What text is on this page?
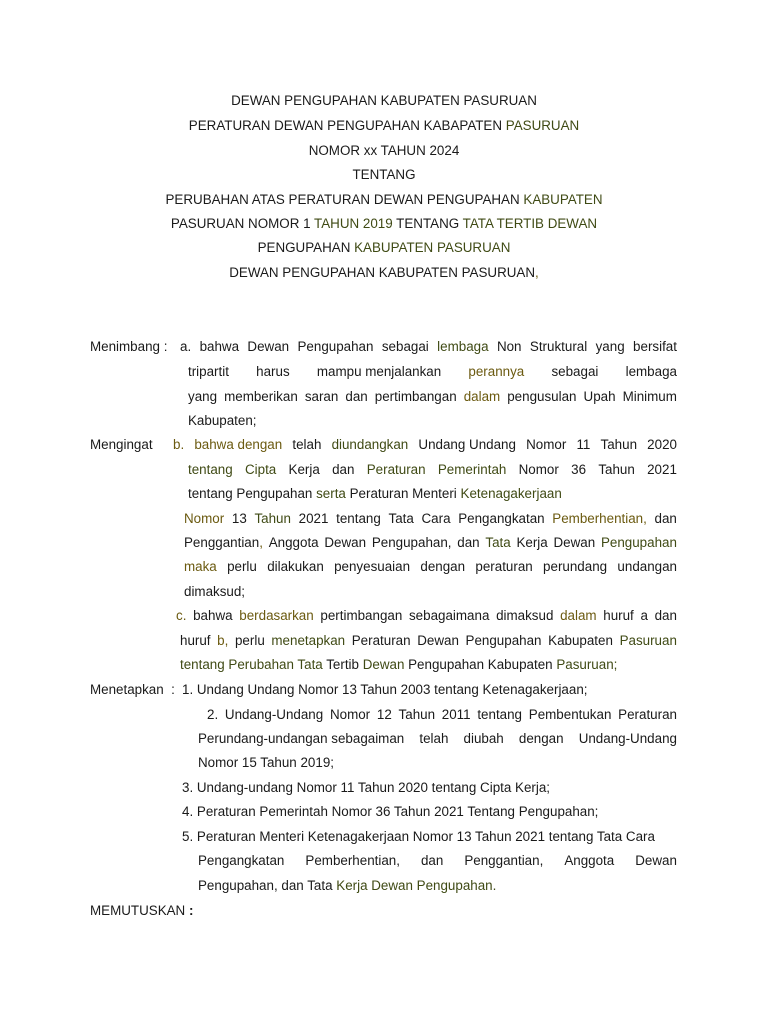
DEWAN PENGUPAHAN KABUPATEN PASURUAN
PERATURAN DEWAN PENGUPAHAN KABAPATEN PASURUAN
NOMOR xx TAHUN 2024
TENTANG
PERUBAHAN ATAS PERATURAN DEWAN PENGUPAHAN KABUPATEN
PASURUAN NOMOR 1 TAHUN 2019 TENTANG TATA TERTIB DEWAN
PENGUPAHAN KABUPATEN PASURUAN
DEWAN PENGUPAHAN KABUPATEN PASURUAN,
Menimbang : a. bahwa Dewan Pengupahan sebagai lembaga Non Struktural yang bersifat
tripartit harus mampu menjalankan perannya sebagai lembaga
yang memberikan saran dan pertimbangan dalam pengusulan Upah Minimum
Kabupaten;
Mengingat b. bahwa dengan telah diundangkan Undang Undang Nomor 11 Tahun 2020
tentang Cipta Kerja dan Peraturan Pemerintah Nomor 36 Tahun 2021
tentang Pengupahan serta Peraturan Menteri Ketenagakerjaan
Nomor 13 Tahun 2021 tentang Tata Cara Pengangkatan Pemberhentian , dan
Penggantian , Anggota Dewan Pengupahan, dan Tata Kerja Dewan Pengupahan
maka perlu dilakukan penyesuaian dengan peraturan perundang undangan
dimaksud;
c. bahwa berdasarkan pertimbangan sebagaimana dimaksud dalam huruf a dan
huruf b, perlu menetapkan Peraturan Dewan Pengupahan Kabupaten Pasuruan
tentang Perubahan Tata Tertib Dewan Pengupahan Kabupaten Pasuruan;
Menetapkan : 1. Undang Undang Nomor 13 Tahun 2003 tentang Ketenagakerjaan;
2. Undang-Undang Nomor 12 Tahun 2011 tentang Pembentukan Peraturan
Perundang-undangan sebagaiman telah diubah dengan Undang-Undang
Nomor 15 Tahun 2019;
3. Undang-undang Nomor 11 Tahun 2020 tentang Cipta Kerja;
4. Peraturan Pemerintah Nomor 36 Tahun 2021 Tentang Pengupahan;
5. Peraturan Menteri Ketenagakerjaan Nomor 13 Tahun 2021 tentang Tata Cara
Pengangkatan Pemberhentian, dan Penggantian, Anggota Dewan
Pengupahan, dan Tata Kerja Dewan Pengupahan.
MEMUTUSKAN :
